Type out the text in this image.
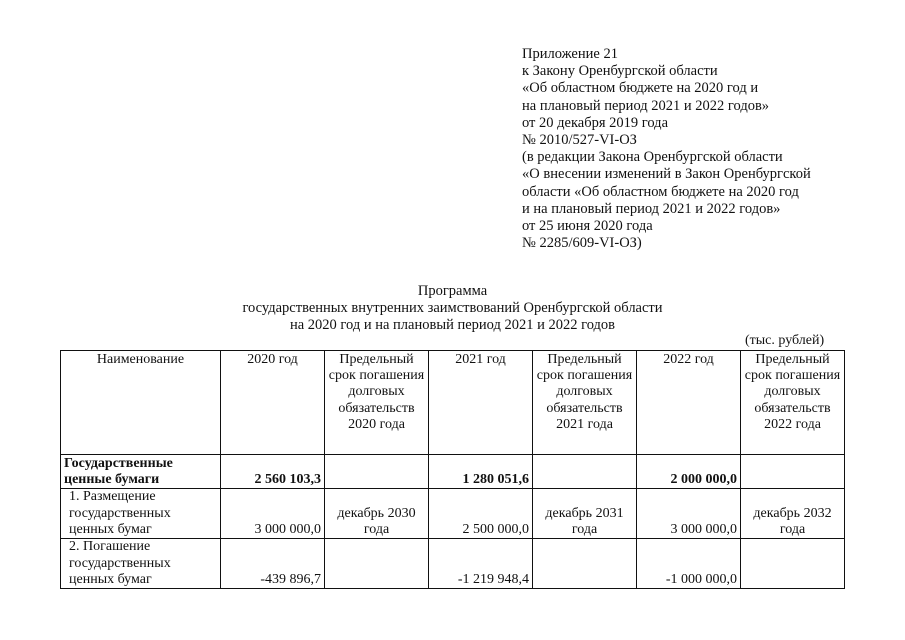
Приложение 21
к Закону Оренбургской области
«Об областном бюджете на 2020 год и
на плановый период 2021 и 2022 годов»
от 20 декабря 2019 года
№ 2010/527-VI-ОЗ
(в редакции Закона Оренбургской области
«О внесении изменений в Закон Оренбургской
области «Об областном бюджете на 2020 год
и на плановый период 2021 и 2022 годов»
от 25 июня 2020 года
№ 2285/609-VI-ОЗ)
Программа
государственных внутренних заимствований Оренбургской области
на 2020 год и на плановый период 2021 и 2022 годов
(тыс. рублей)
Наименование	2020 год	Предельный срок погашения долговых обязательств 2020 года	2021 год	Предельный срок погашения долговых обязательств 2021 года	2022 год	Предельный срок погашения долговых обязательств 2022 года
Государственные ценные бумаги	2 560 103,3		1 280 051,6		2 000 000,0	
1. Размещение государственных ценных бумаг	3 000 000,0	декабрь 2030 года	2 500 000,0	декабрь 2031 года	3 000 000,0	декабрь 2032 года
2. Погашение государственных ценных бумаг	-439 896,7		-1 219 948,4		-1 000 000,0	
